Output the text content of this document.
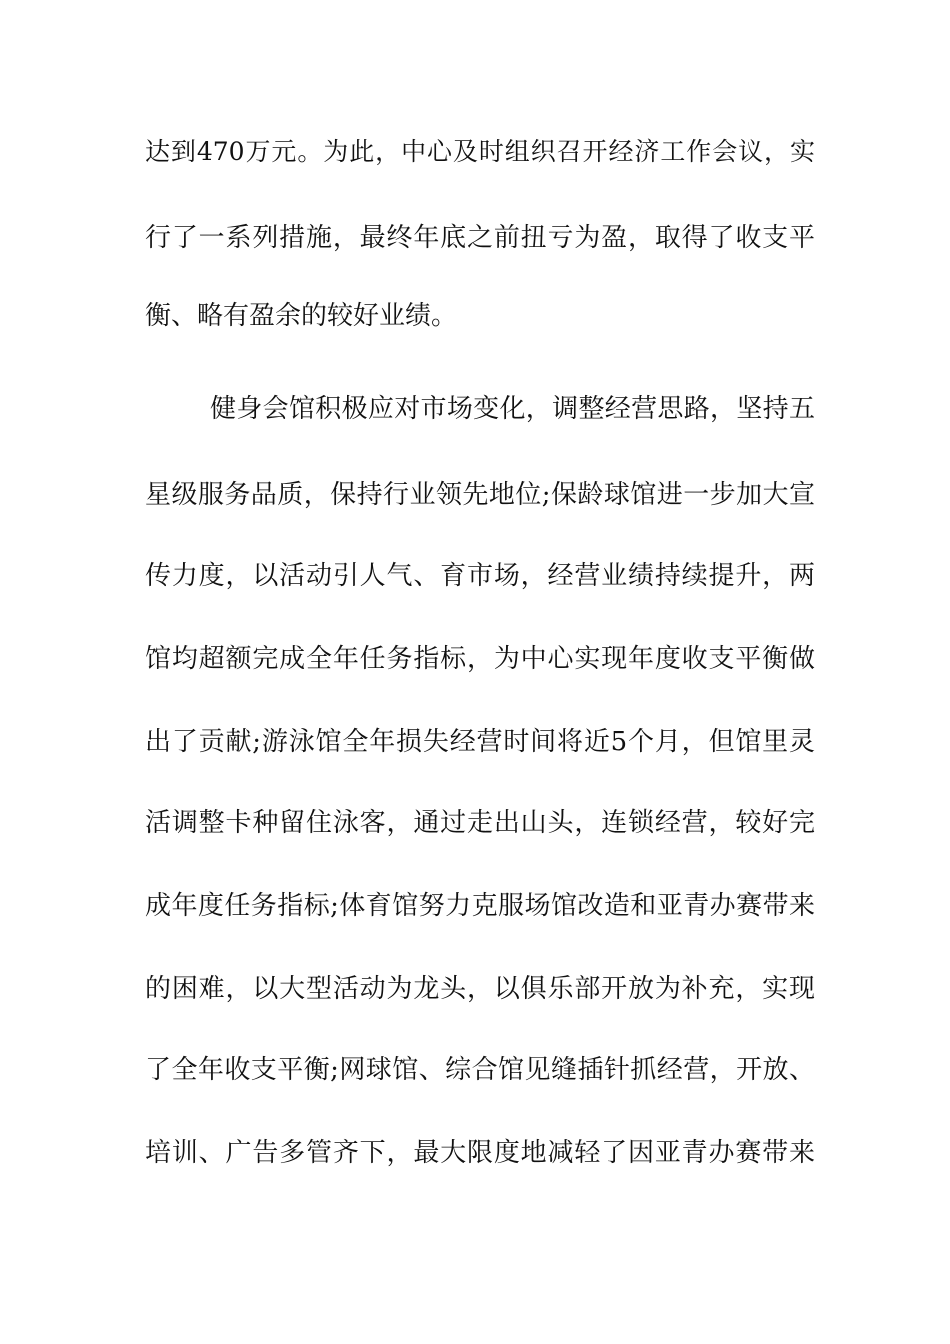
达到470万元。为此，中心及时组织召开经济工作会议，实
行了一系列措施，最终年底之前扭亏为盈，取得了收支平
衡、略有盈余的较好业绩。
健身会馆积极应对市场变化，调整经营思路，坚持五
星级服务品质，保持行业领先地位;保龄球馆进一步加大宣
传力度，以活动引人气、育市场，经营业绩持续提升，两
馆均超额完成全年任务指标，为中心实现年度收支平衡做
出了贡献;游泳馆全年损失经营时间将近5个月，但馆里灵
活调整卡种留住泳客，通过走出山头，连锁经营，较好完
成年度任务指标;体育馆努力克服场馆改造和亚青办赛带来
的困难，以大型活动为龙头，以俱乐部开放为补充，实现
了全年收支平衡;网球馆、综合馆见缝插针抓经营，开放、
培训、广告多管齐下，最大限度地减轻了因亚青办赛带来
